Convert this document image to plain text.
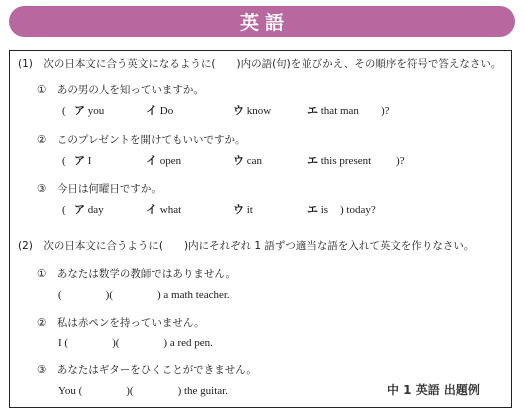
英語
(1)　次の日本文に合う英文になるように(　　)内の語(句)を並びかえ、その順序を符号で答えなさい。
①　あの男の人を知っていますか。
( ア you	イ Do	ウ know	エ that man )?
②　このプレゼントを開けてもいいですか。
( ア I	イ open	ウ can	エ this present )?
③　今日は何曜日ですか。
( ア day	イ what	ウ it	エ is ) today?
(2)　次の日本文に合うように(　　)内にそれぞれ 1 語ずつ適当な語を入れて英文を作りなさい。
①　あなたは数学の教師ではありません。
(　　　　)(　　　　) a math teacher.
②　私は赤ペンを持っていません。
I (　　　　)(　　　　) a red pen.
③　あなたはギターをひくことができません。
You (　　　　)(　　　　) the guitar.	中 1 英語 出題例
